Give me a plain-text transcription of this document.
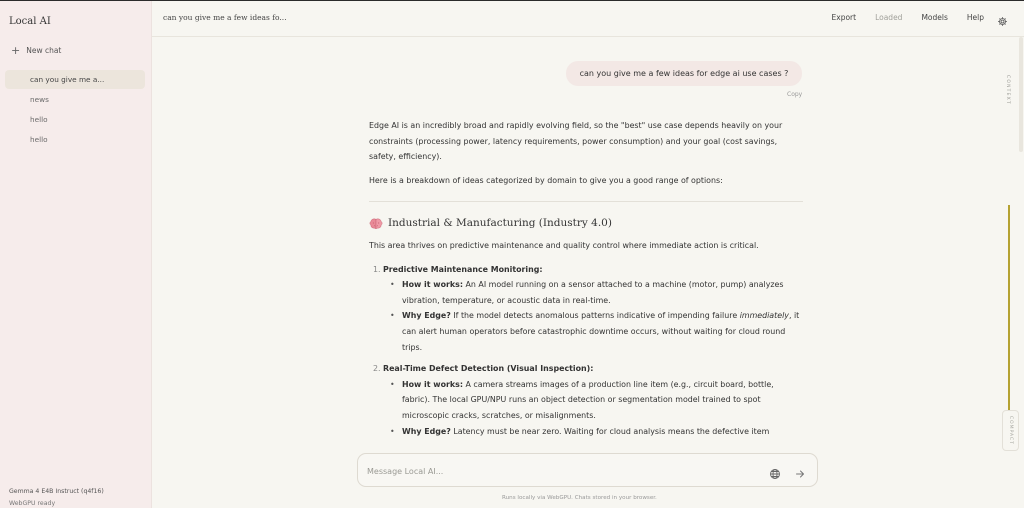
Local AI
+ New chat
can you give me a...
news
hello
hello
Gemma 4 E4B Instruct (q4f16)
WebGPU ready
can you give me a few ideas fo...	Export	Loaded	Models	Help
CONTEXT
COMPACT
can you give me a few ideas for edge ai use cases ?
Copy

Edge AI is an incredibly broad and rapidly evolving field, so the "best" use case depends heavily on your constraints (processing power, latency requirements, power consumption) and your goal (cost savings, safety, efficiency).

Here is a breakdown of ideas categorized by domain to give you a good range of options:

Industrial & Manufacturing (Industry 4.0)

This area thrives on predictive maintenance and quality control where immediate action is critical.

1. Predictive Maintenance Monitoring:
• How it works: An AI model running on a sensor attached to a machine (motor, pump) analyzes vibration, temperature, or acoustic data in real-time.
• Why Edge? If the model detects anomalous patterns indicative of impending failure immediately, it can alert human operators before catastrophic downtime occurs, without waiting for cloud round trips.
2. Real-Time Defect Detection (Visual Inspection):
• How it works: A camera streams images of a production line item (e.g., circuit board, bottle, fabric). The local GPU/NPU runs an object detection or segmentation model trained to spot microscopic cracks, scratches, or misalignments.
• Why Edge? Latency must be near zero. Waiting for cloud analysis means the defective item
Message Local AI...
Runs locally via WebGPU. Chats stored in your browser.
